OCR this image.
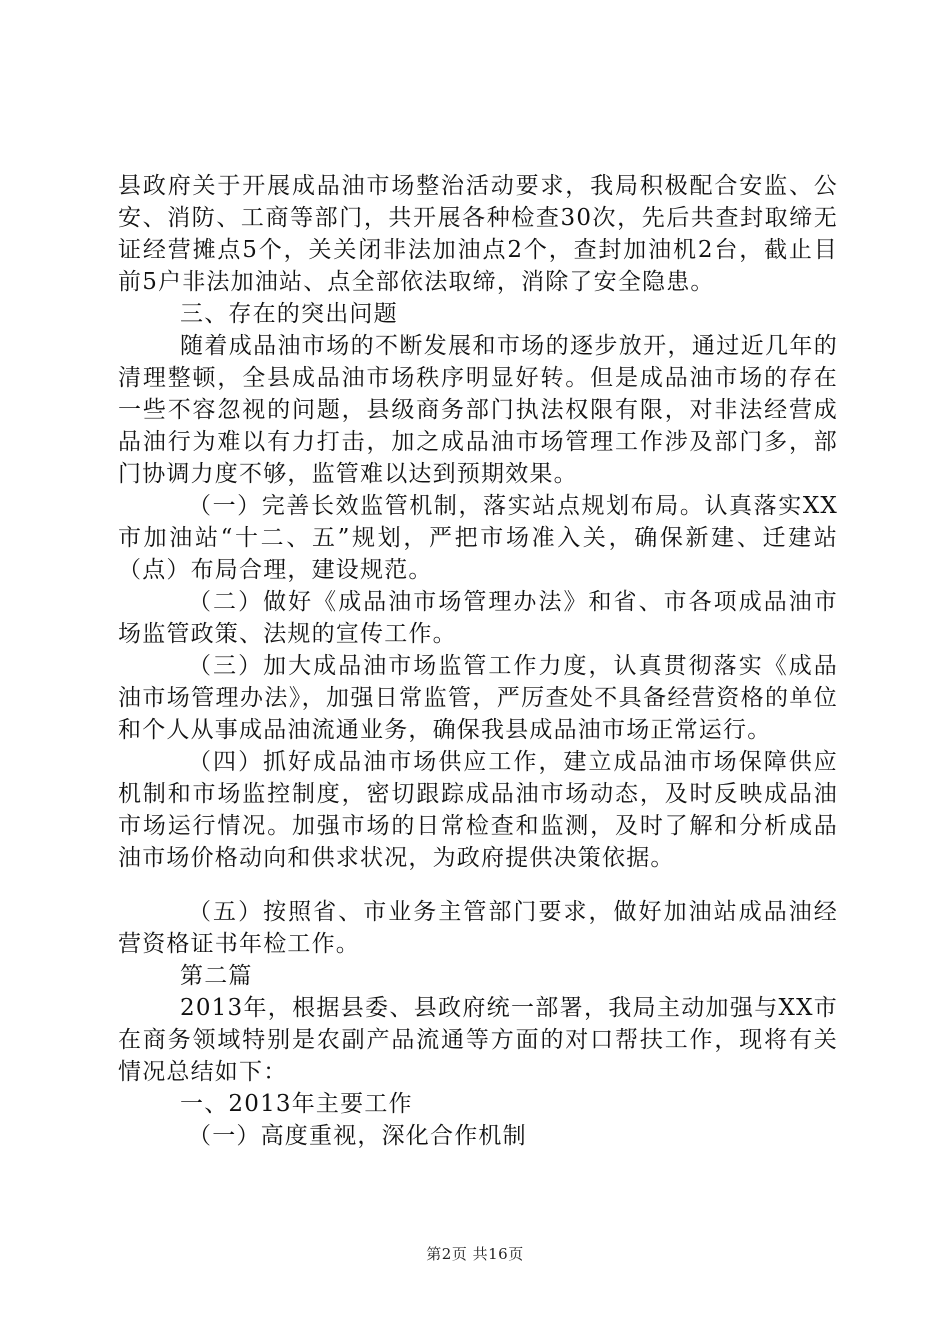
县政府关于开展成品油市场整治活动要求，我局积极配合安监、公安、消防、工商等部门，共开展各种检查30次，先后共查封取缔无证经营摊点5个，关关闭非法加油点2个，查封加油机2台，截止目前5户非法加油站、点全部依法取缔，消除了安全隐患。

三、存在的突出问题

随着成品油市场的不断发展和市场的逐步放开，通过近几年的清理整顿，全县成品油市场秩序明显好转。但是成品油市场的存在一些不容忽视的问题，县级商务部门执法权限有限，对非法经营成品油行为难以有力打击，加之成品油市场管理工作涉及部门多，部门协调力度不够，监管难以达到预期效果。

（一）完善长效监管机制，落实站点规划布局。认真落实XX市加油站“十二、五”规划，严把市场准入关，确保新建、迁建站（点）布局合理，建设规范。

（二）做好《成品油市场管理办法》和省、市各项成品油市场监管政策、法规的宣传工作。

（三）加大成品油市场监管工作力度，认真贯彻落实《成品油市场管理办法》，加强日常监管，严厉查处不具备经营资格的单位和个人从事成品油流通业务，确保我县成品油市场正常运行。

（四）抓好成品油市场供应工作，建立成品油市场保障供应机制和市场监控制度，密切跟踪成品油市场动态，及时反映成品油市场运行情况。加强市场的日常检查和监测，及时了解和分析成品油市场价格动向和供求状况，为政府提供决策依据。

（五）按照省、市业务主管部门要求，做好加油站成品油经营资格证书年检工作。

第二篇

2013年，根据县委、县政府统一部署，我局主动加强与XX市在商务领域特别是农副产品流通等方面的对口帮扶工作，现将有关情况总结如下：

一、2013年主要工作

（一）高度重视，深化合作机制

第2页 共16页
